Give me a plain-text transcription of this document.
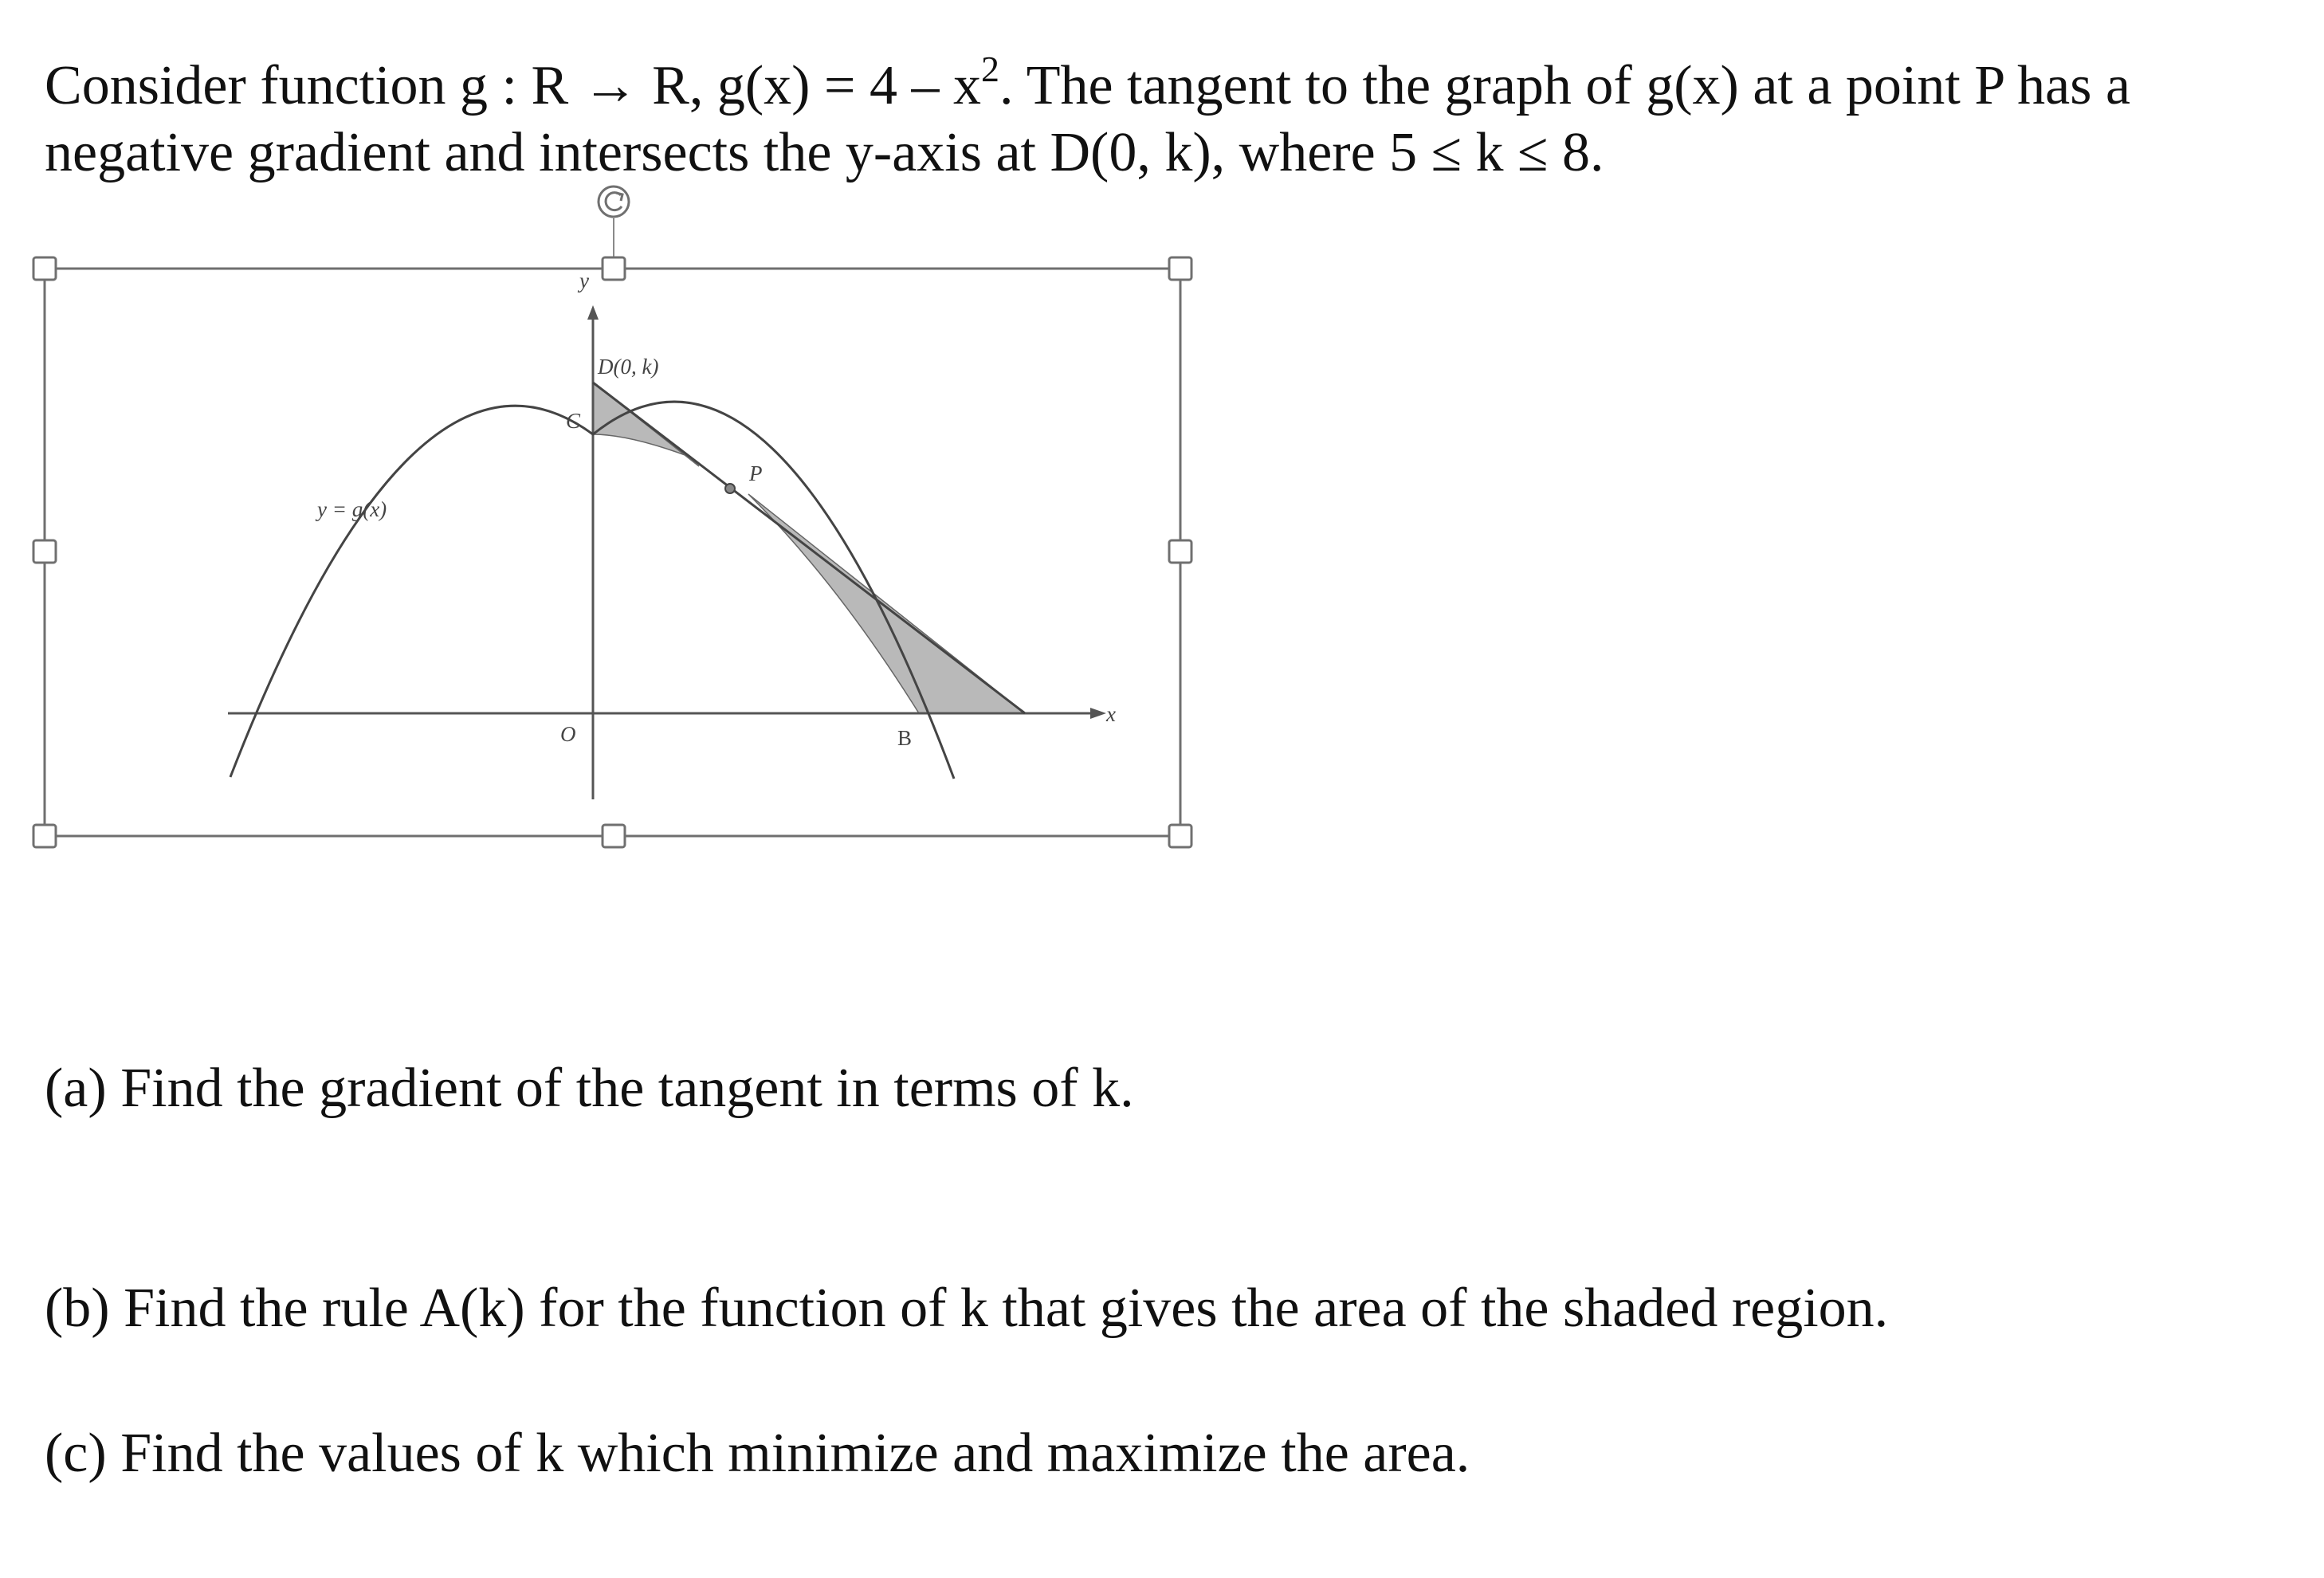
Consider function g : R → R, $g(x) = 4 - x^2$. The tangent to the graph of g(x) at a point P has a
negative gradient and intersects the y-axis at D(0, k), where 5 ≤ k ≤ 8.

y
x
D(0, k)
C
P
y = g(x)
O	B

(a) Find the gradient of the tangent in terms of k.

(b) Find the rule A(k) for the function of k that gives the area of the shaded region.

(c) Find the values of k which minimize and maximize the area.
